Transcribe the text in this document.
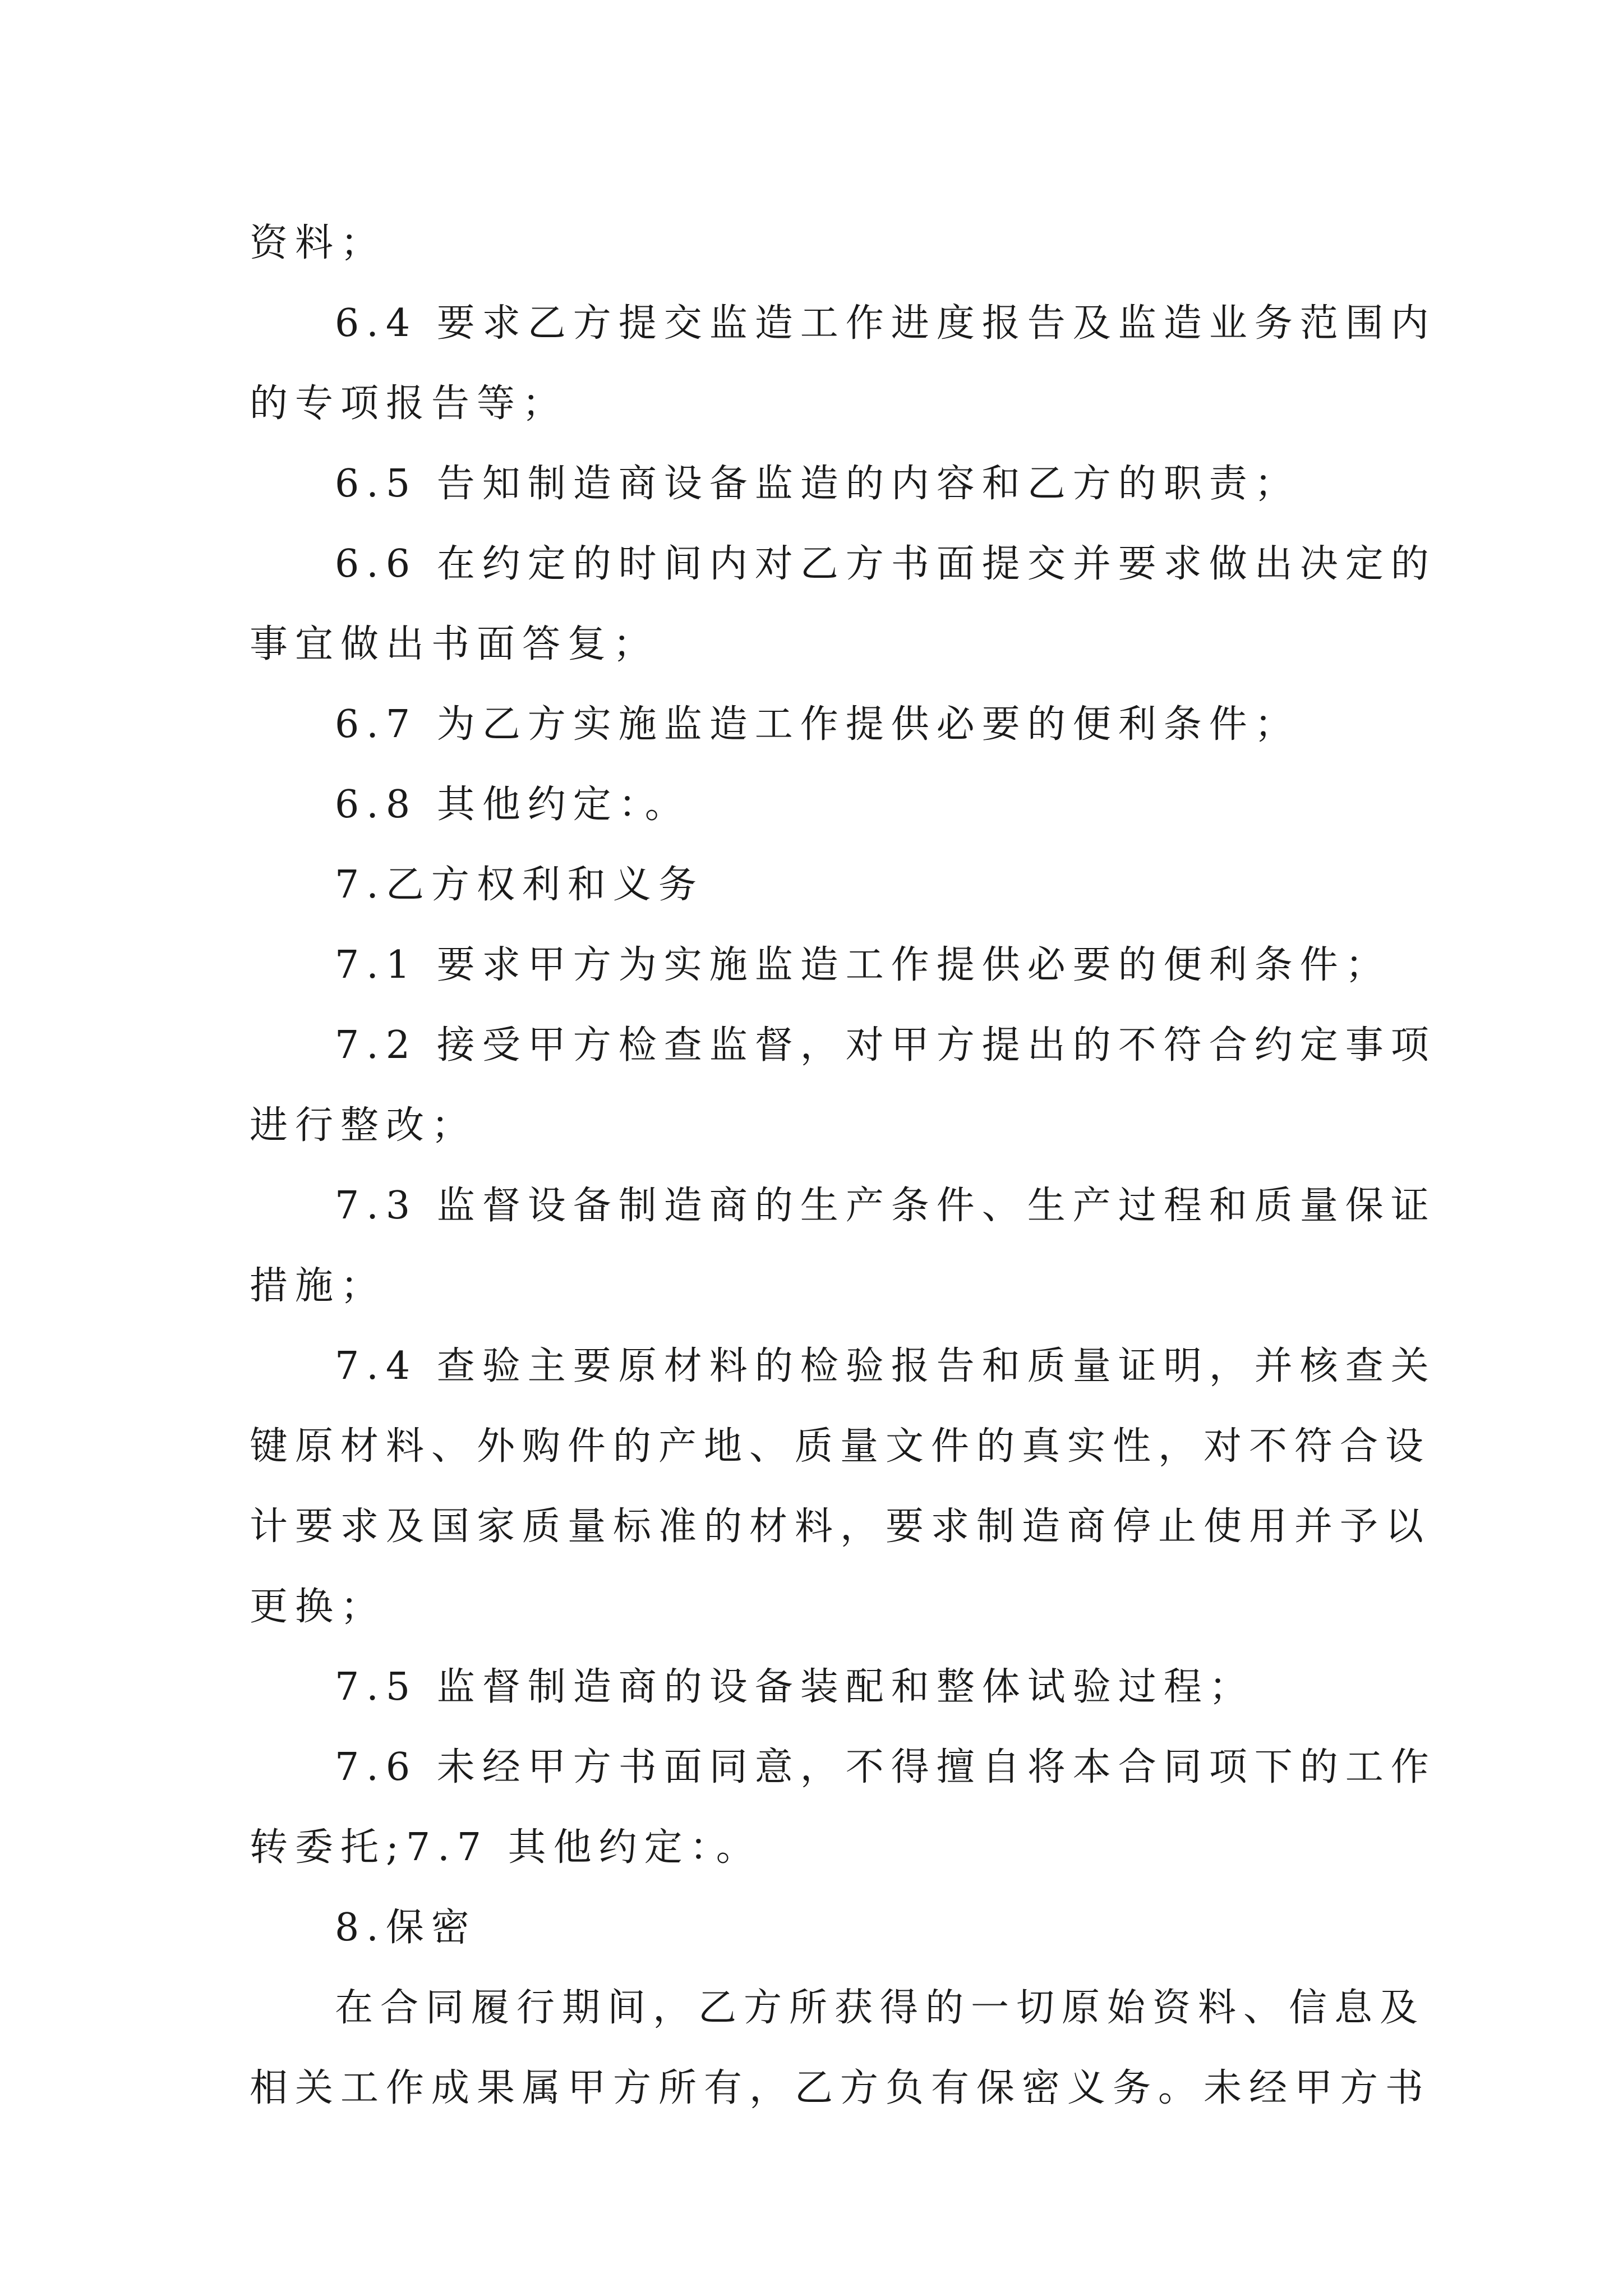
资料；
6.4 要求乙方提交监造工作进度报告及监造业务范围内
的专项报告等；
6.5 告知制造商设备监造的内容和乙方的职责；
6.6 在约定的时间内对乙方书面提交并要求做出决定的
事宜做出书面答复；
6.7 为乙方实施监造工作提供必要的便利条件；
6.8 其他约定：。
7.乙方权利和义务
7.1 要求甲方为实施监造工作提供必要的便利条件；
7.2 接受甲方检查监督，对甲方提出的不符合约定事项
进行整改；
7.3 监督设备制造商的生产条件、生产过程和质量保证
措施；
7.4 查验主要原材料的检验报告和质量证明，并核查关
键原材料、外购件的产地、质量文件的真实性，对不符合设
计要求及国家质量标准的材料，要求制造商停止使用并予以
更换；
7.5 监督制造商的设备装配和整体试验过程；
7.6 未经甲方书面同意，不得擅自将本合同项下的工作
转委托;7.7 其他约定：。
8.保密
在合同履行期间，乙方所获得的一切原始资料、信息及
相关工作成果属甲方所有，乙方负有保密义务。未经甲方书
